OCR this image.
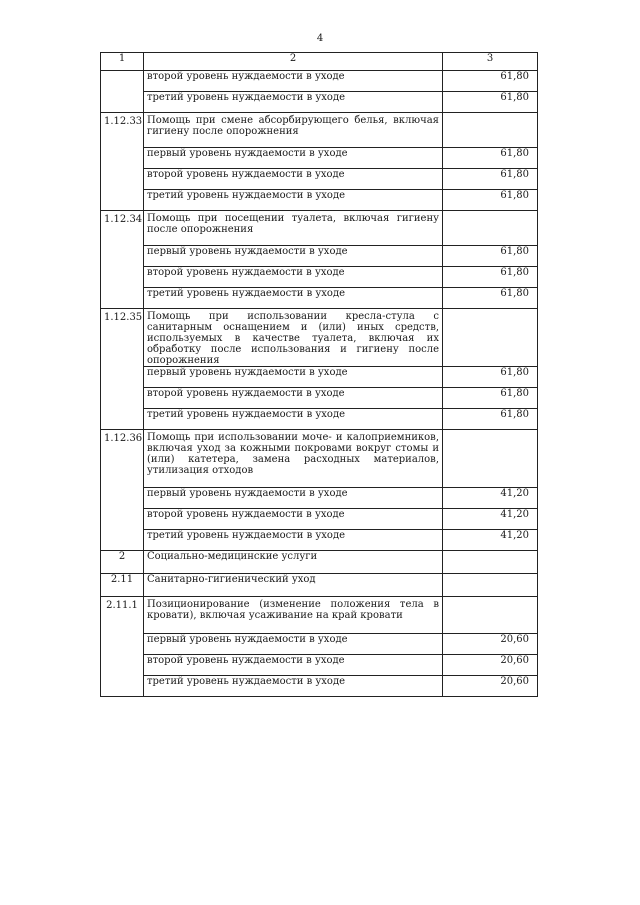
4
1	2	3
	второй уровень нуждаемости в уходе	61,80
	третий уровень нуждаемости в уходе	61,80
1.12.33	Помощь при смене абсорбирующего белья, включая гигиену после опорожнения	
	первый уровень нуждаемости в уходе	61,80
	второй уровень нуждаемости в уходе	61,80
	третий уровень нуждаемости в уходе	61,80
1.12.34	Помощь при посещении туалета, включая гигиену после опорожнения	
	первый уровень нуждаемости в уходе	61,80
	второй уровень нуждаемости в уходе	61,80
	третий уровень нуждаемости в уходе	61,80
1.12.35	Помощь при использовании кресла-стула с санитарным оснащением и (или) иных средств, используемых в качестве туалета, включая их обработку после использования и гигиену после опорожнения	
	первый уровень нуждаемости в уходе	61,80
	второй уровень нуждаемости в уходе	61,80
	третий уровень нуждаемости в уходе	61,80
1.12.36	Помощь при использовании моче- и калоприемников, включая уход за кожными покровами вокруг стомы и (или) катетера, замена расходных материалов, утилизация отходов	
	первый уровень нуждаемости в уходе	41,20
	второй уровень нуждаемости в уходе	41,20
	третий уровень нуждаемости в уходе	41,20
2	Социально-медицинские услуги	
2.11	Санитарно-гигиенический уход	
2.11.1	Позиционирование (изменение положения тела в кровати), включая усаживание на край кровати	
	первый уровень нуждаемости в уходе	20,60
	второй уровень нуждаемости в уходе	20,60
	третий уровень нуждаемости в уходе	20,60
